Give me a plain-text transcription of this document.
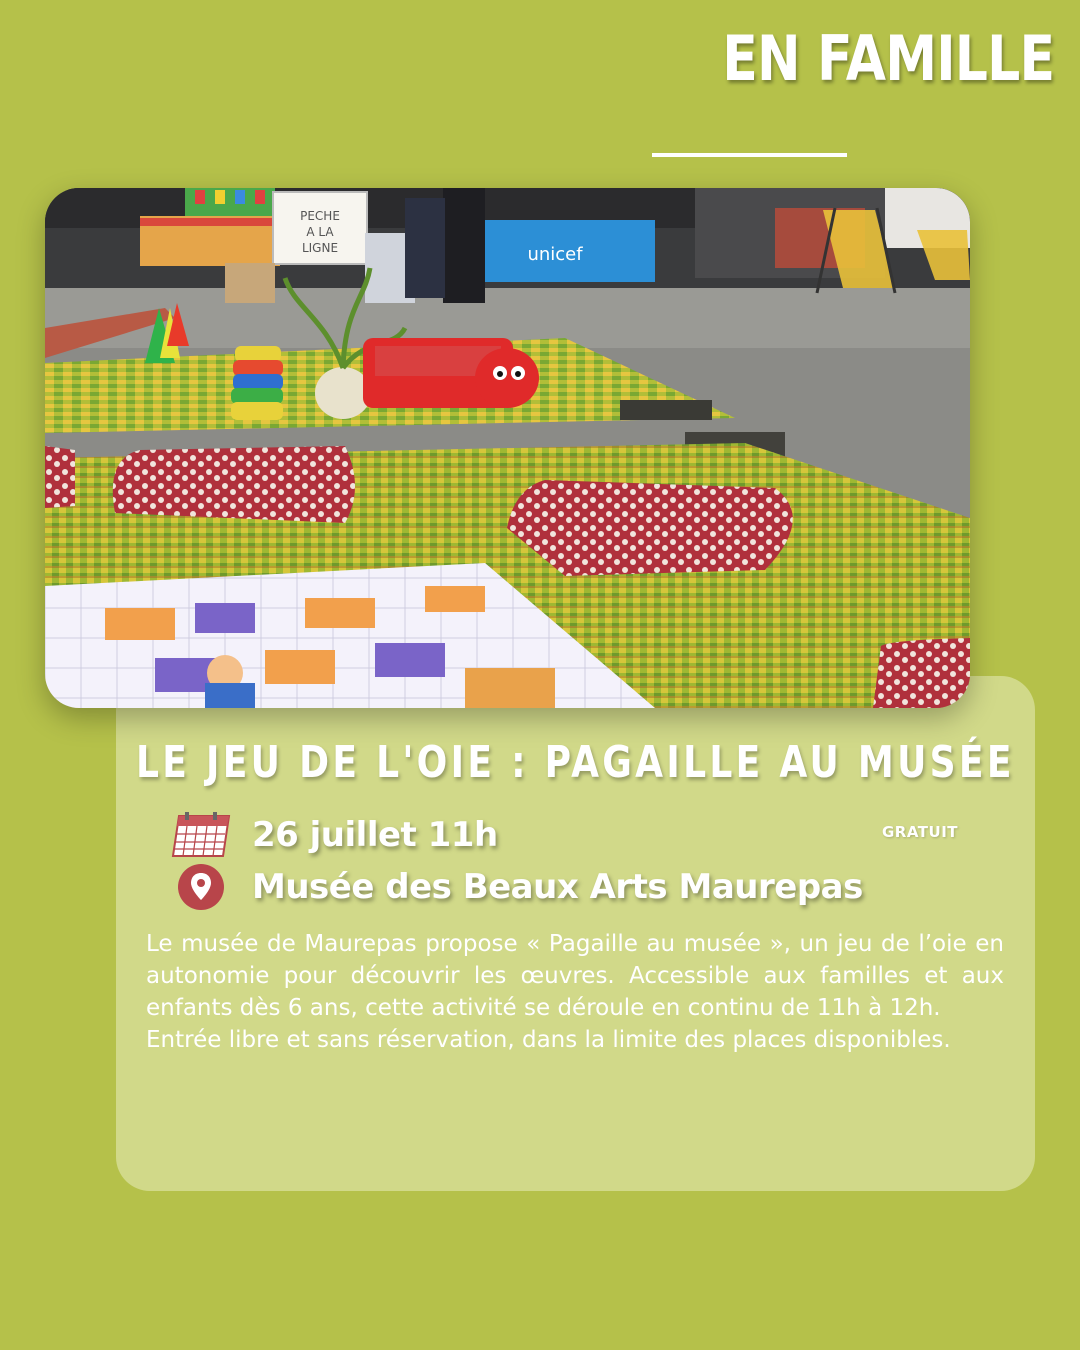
EN FAMILLE
PECHE
A LA
LIGNE	unicef
LE JEU DE L'OIE : PAGAILLE AU MUSÉE
26 juillet 11h
Musée des Beaux Arts Maurepas
GRATUIT

Le musée de Maurepas propose « Pagaille au musée », un jeu de l’oie en autonomie pour découvrir les œuvres. Accessible aux familles et aux enfants dès 6 ans, cette activité se déroule en continu de 11h à 12h.

Entrée libre et sans réservation, dans la limite des places disponibles.
